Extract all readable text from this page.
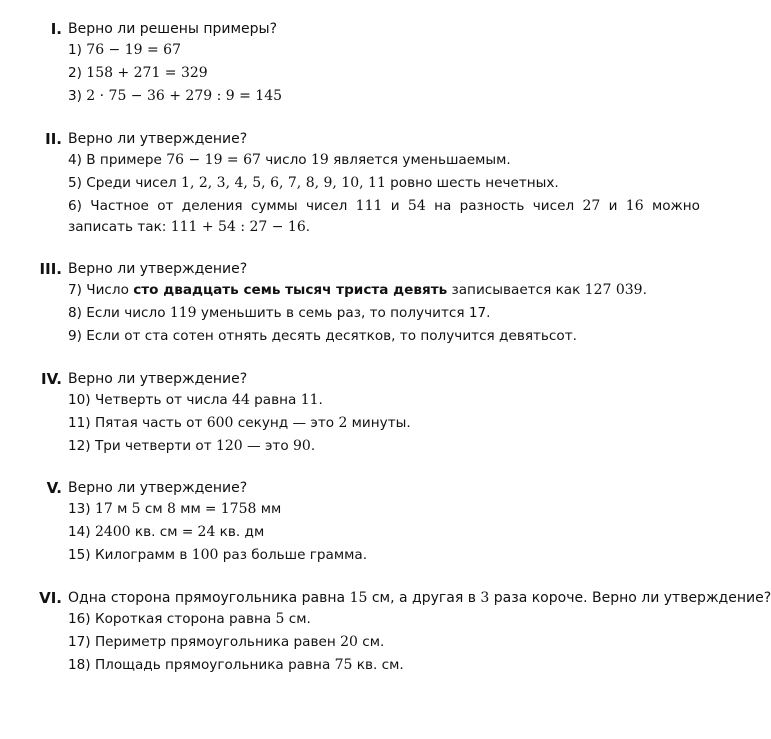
I. Верно ли решены примеры?
1) 76 − 19 = 67
2) 158 + 271 = 329
3) 2 · 75 − 36 + 279 : 9 = 145
II. Верно ли утверждение?
4) В примере 76 − 19 = 67 число 19 является уменьшаемым.
5) Среди чисел 1, 2, 3, 4, 5, 6, 7, 8, 9, 10, 11 ровно шесть нечетных.
6) Частное от деления суммы чисел 111 и 54 на разность чисел 27 и 16 можно записать так: 111 + 54 : 27 − 16.
III. Верно ли утверждение?
7) Число сто двадцать семь тысяч триста девять записывается как 127 039.
8) Если число 119 уменьшить в семь раз, то получится 17.
9) Если от ста сотен отнять десять десятков, то получится девятьсот.
IV. Верно ли утверждение?
10) Четверть от числа 44 равна 11.
11) Пятая часть от 600 секунд — это 2 минуты.
12) Три четверти от 120 — это 90.
V. Верно ли утверждение?
13) 17 м 5 см 8 мм = 1758 мм
14) 2400 кв. см = 24 кв. дм
15) Килограмм в 100 раз больше грамма.
VI. Одна сторона прямоугольника равна 15 см, а другая в 3 раза короче. Верно ли утверждение?
16) Короткая сторона равна 5 см.
17) Периметр прямоугольника равен 20 см.
18) Площадь прямоугольника равна 75 кв. см.
